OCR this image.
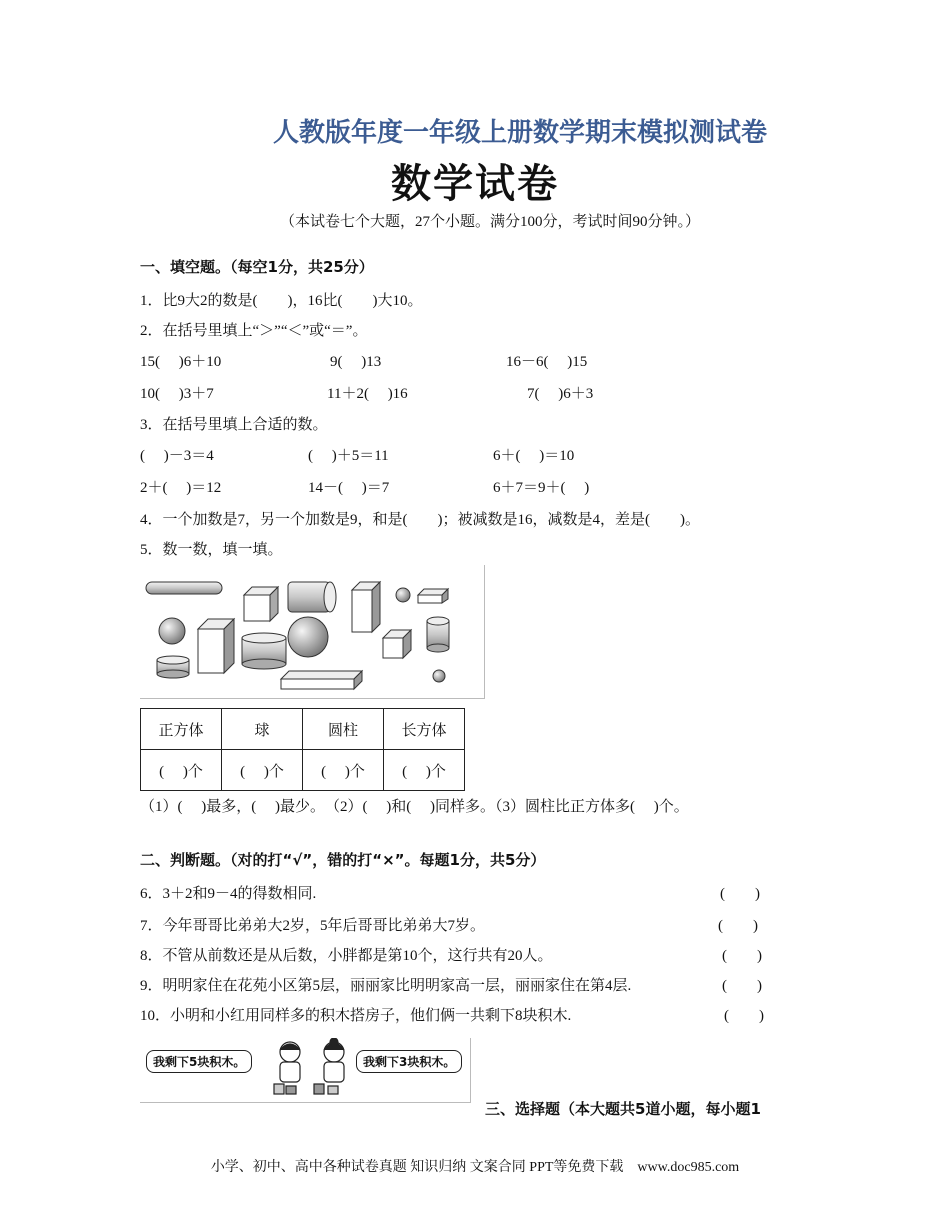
人教版年度一年级上册数学期末模拟测试卷
数学试卷
（本试卷七个大题，27个小题。满分100分，考试时间90分钟。）
一、填空题。（每空1分，共25分）
1．比9大2的数是(　　)，16比(　　)大10。
2．在括号里填上“＞”“＜”或“＝”。
15(　 )6＋10	9(　 )13	16－6(　 )15
10(　 )3＋7	11＋2(　 )16	7(　 )6＋3
3．在括号里填上合适的数。
(　 )－3＝4	(　 )＋5＝11	6＋(　 )＝10
2＋(　 )＝12	14－(　 )＝7	6＋7＝9＋(　 )
4．一个加数是7，另一个加数是9，和是(　　)；被减数是16，减数是4，差是(　　)。
5．数一数，填一填。
正方体	球	圆柱	长方体
(　 )个	(　 )个	(　 )个	(　 )个
（1）(　 )最多，(　 )最少。　（2）(　 )和(　 )同样多。（3）圆柱比正方体多(　 )个。
二、判断题。（对的打“√”，错的打“×”。每题1分，共5分）
6．3＋2和9－4的得数相同.	(　　)
7．今年哥哥比弟弟大2岁，5年后哥哥比弟弟大7岁。	(　　)
8．不管从前数还是从后数，小胖都是第10个，这行共有20人。	(　　)
9．明明家住在花苑小区第5层，丽丽家比明明家高一层，丽丽家住在第4层.	(　　)
10．小明和小红用同样多的积木搭房子，他们俩一共剩下8块积木.	(　　)
我剩下5块积木。	我剩下3块积木。
三、选择题（本大题共5道小题，每小题1
小学、初中、高中各种试卷真题 知识归纳 文案合同 PPT等免费下载　www.doc985.com
